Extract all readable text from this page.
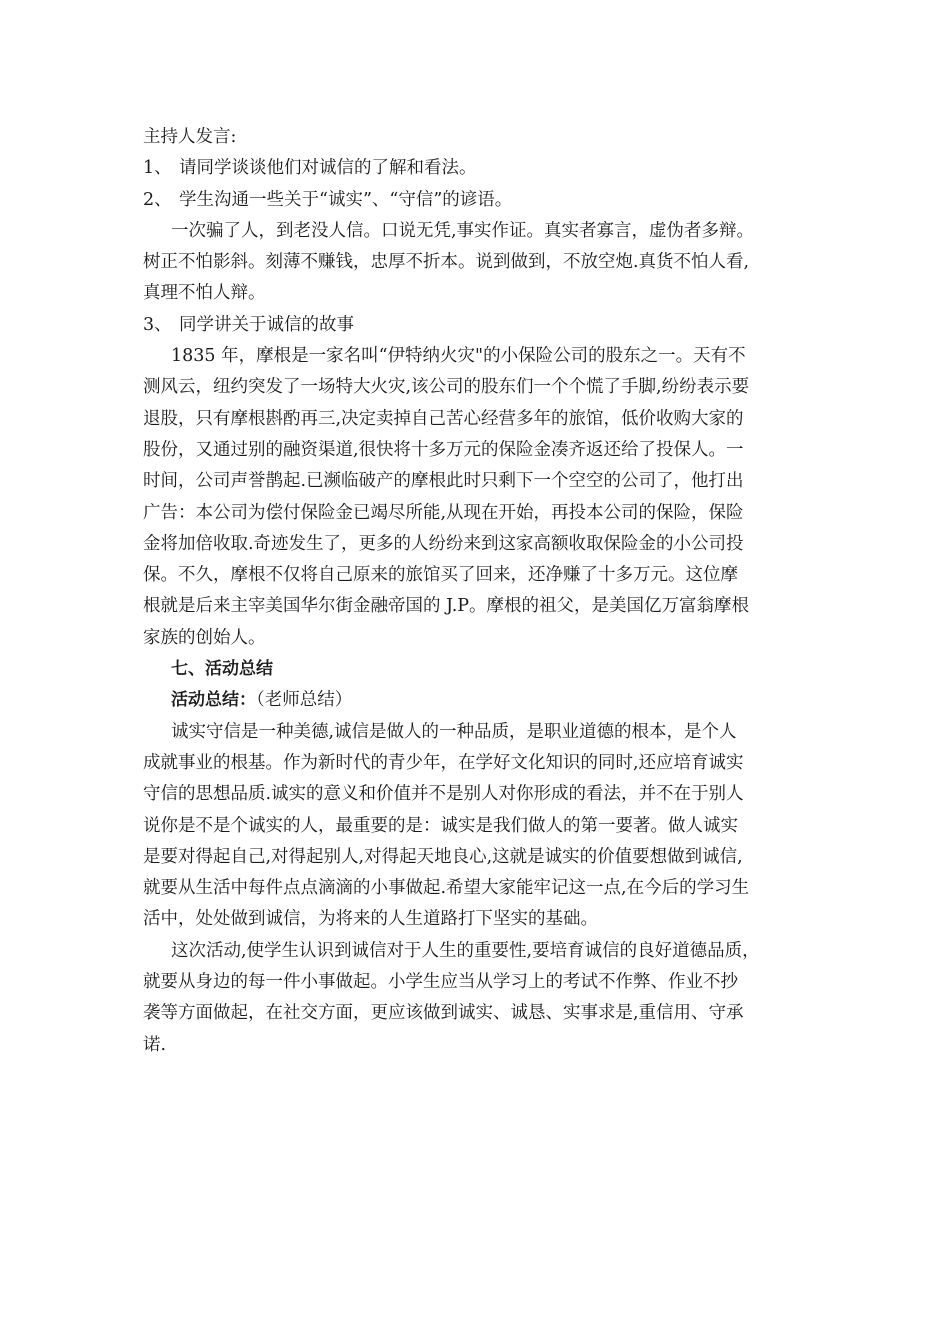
主持人发言:
1、 请同学谈谈他们对诚信的了解和看法。
2、 学生沟通一些关于“诚实”、“守信”的谚语。
一次骗了人，到老没人信。口说无凭,事实作证。真实者寡言，虚伪者多辩。
树正不怕影斜。刻薄不赚钱，忠厚不折本。说到做到，不放空炮.真货不怕人看,
真理不怕人辩。
3、 同学讲关于诚信的故事
1835 年，摩根是一家名叫“伊特纳火灾"的小保险公司的股东之一。天有不
测风云，纽约突发了一场特大火灾,该公司的股东们一个个慌了手脚,纷纷表示要
退股，只有摩根斟酌再三,决定卖掉自己苦心经营多年的旅馆，低价收购大家的
股份，又通过别的融资渠道,很快将十多万元的保险金凑齐返还给了投保人。一
时间，公司声誉鹊起.已濒临破产的摩根此时只剩下一个空空的公司了，他打出
广告：本公司为偿付保险金已竭尽所能,从现在开始，再投本公司的保险，保险
金将加倍收取.奇迹发生了，更多的人纷纷来到这家高额收取保险金的小公司投
保。不久，摩根不仅将自己原来的旅馆买了回来，还净赚了十多万元。这位摩
根就是后来主宰美国华尔街金融帝国的 J.P。摩根的祖父，是美国亿万富翁摩根
家族的创始人。
七、活动总结
活动总结：（老师总结）
诚实守信是一种美德,诚信是做人的一种品质，是职业道德的根本，是个人
成就事业的根基。作为新时代的青少年，在学好文化知识的同时,还应培育诚实
守信的思想品质.诚实的意义和价值并不是别人对你形成的看法，并不在于别人
说你是不是个诚实的人，最重要的是：诚实是我们做人的第一要著。做人诚实
是要对得起自己,对得起别人,对得起天地良心,这就是诚实的价值要想做到诚信,
就要从生活中每件点点滴滴的小事做起.希望大家能牢记这一点,在今后的学习生
活中，处处做到诚信，为将来的人生道路打下坚实的基础。
这次活动,使学生认识到诚信对于人生的重要性,要培育诚信的良好道德品质，
就要从身边的每一件小事做起。小学生应当从学习上的考试不作弊、作业不抄
袭等方面做起，在社交方面，更应该做到诚实、诚恳、实事求是,重信用、守承
诺.
